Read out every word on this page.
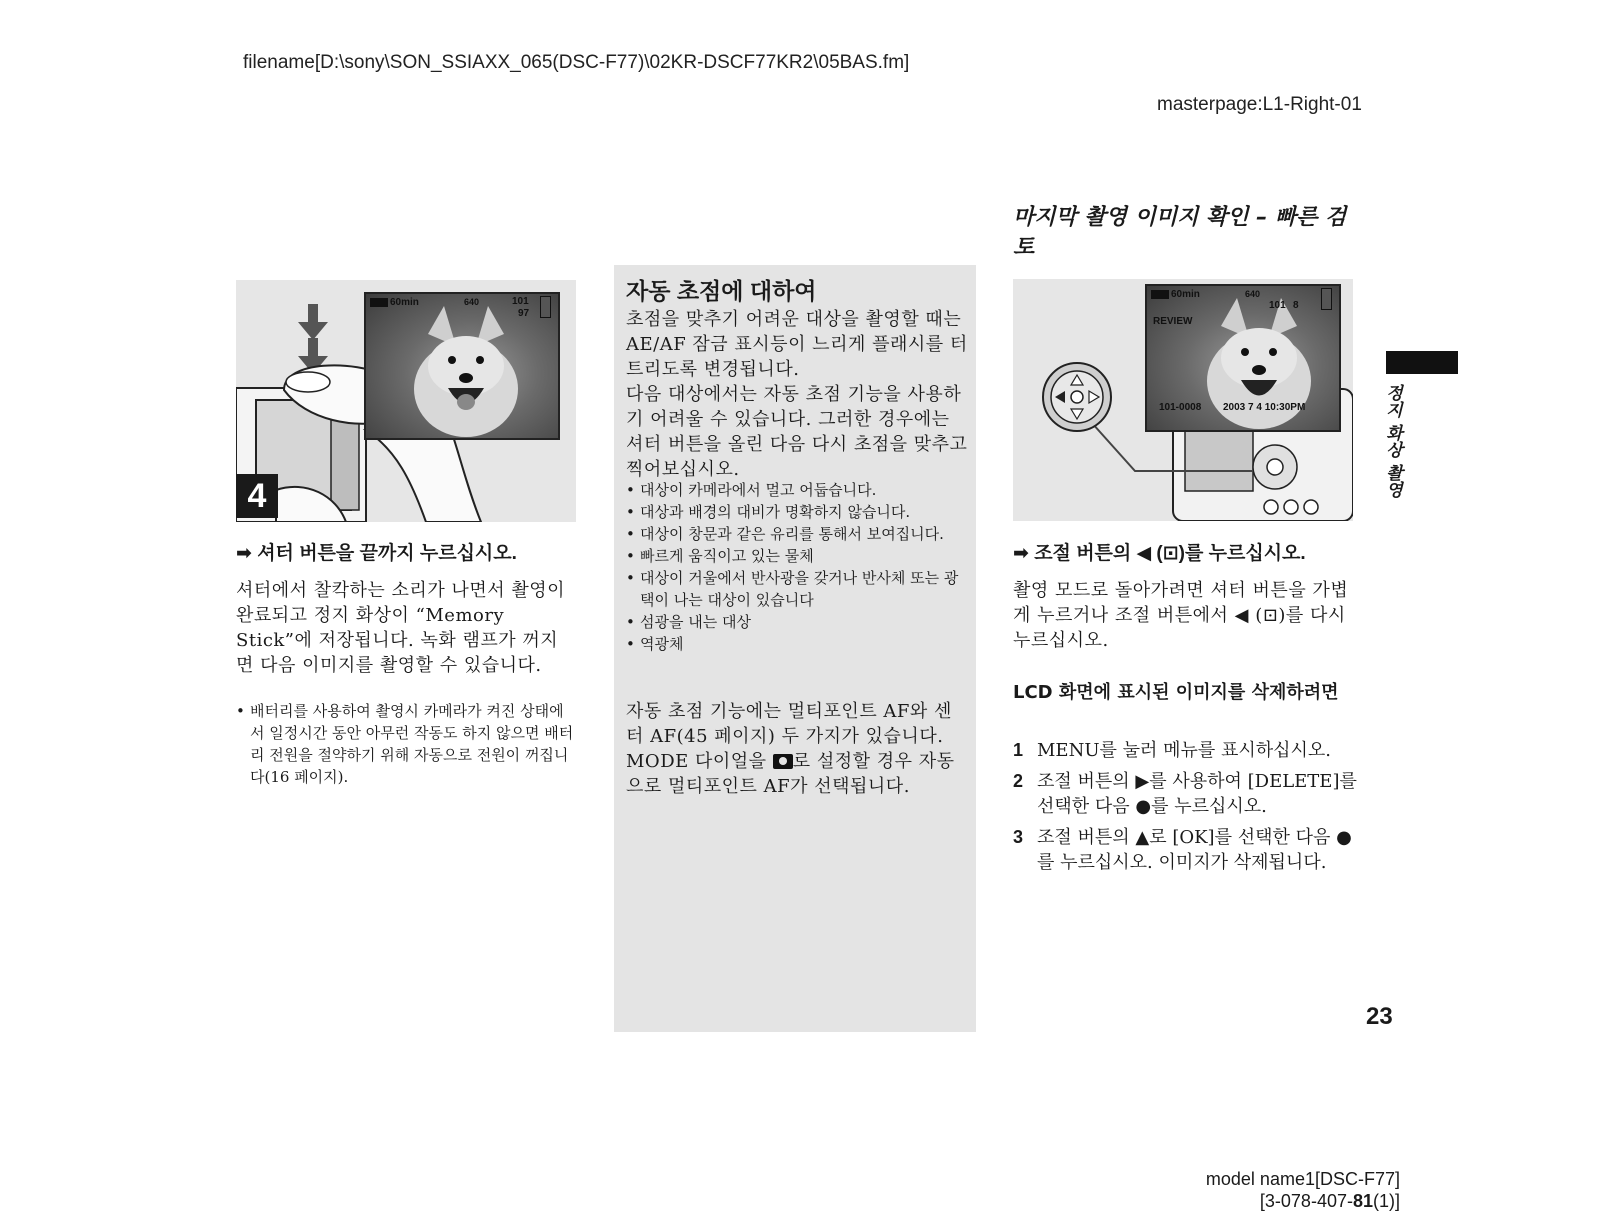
filename[D:\sony\SON_SSIAXX_065(DSC-F77)\02KR-DSCF77KR2\05BAS.fm]
masterpage:L1-Right-01
60min	640	101
97
4
➡ 셔터 버튼을 끝까지 누르십시오.
셔터에서 찰칵하는 소리가 나면서 촬영이 완료되고 정지 화상이 “Memory Stick”에 저장됩니다. 녹화 램프가 꺼지면 다음 이미지를 촬영할 수 있습니다.
• 배터리를 사용하여 촬영시 카메라가 켜진 상태에서 일정시간 동안 아무런 작동도 하지 않으면 배터리 전원을 절약하기 위해 자동으로 전원이 꺼집니다(16 페이지).
자동 초점에 대하여
초점을 맞추기 어려운 대상을 촬영할 때는 AE/AF 잠금 표시등이 느리게 플래시를 터트리도록 변경됩니다.
다음 대상에서는 자동 초점 기능을 사용하기 어려울 수 있습니다. 그러한 경우에는 셔터 버튼을 올린 다음 다시 초점을 맞추고 찍어보십시오.
• 대상이 카메라에서 멀고 어둡습니다.
• 대상과 배경의 대비가 명확하지 않습니다.
• 대상이 창문과 같은 유리를 통해서 보여집니다.
• 빠르게 움직이고 있는 물체
• 대상이 거울에서 반사광을 갖거나 반사체 또는 광택이 나는 대상이 있습니다
• 섬광을 내는 대상
• 역광체
자동 초점 기능에는 멀티포인트 AF와 센터 AF(45 페이지) 두 가지가 있습니다. MODE 다이얼을
로 설정할 경우 자동으로 멀티포인트 AF가 선택됩니다.
마지막 촬영 이미지 확인 – 빠른 검토
60min	640
101 8
REVIEW
101-0008 2003 7 4 10:30PM
➡ 조절 버튼의 ◀ (⊡)를 누르십시오.
촬영 모드로 돌아가려면 셔터 버튼을 가볍게 누르거나 조절 버튼에서 ◀ (⊡)를 다시 누르십시오.
LCD 화면에 표시된 이미지를 삭제하려면
1 MENU를 눌러 메뉴를 표시하십시오.
2 조절 버튼의 ▶를 사용하여 [DELETE]를 선택한 다음 ●를 누르십시오.
3 조절 버튼의 ▲로 [OK]를 선택한 다음 ●를 누르십시오. 이미지가 삭제됩니다.
정지 화상 촬영
23
model name1[DSC-F77]
[3-078-407-81(1)]
